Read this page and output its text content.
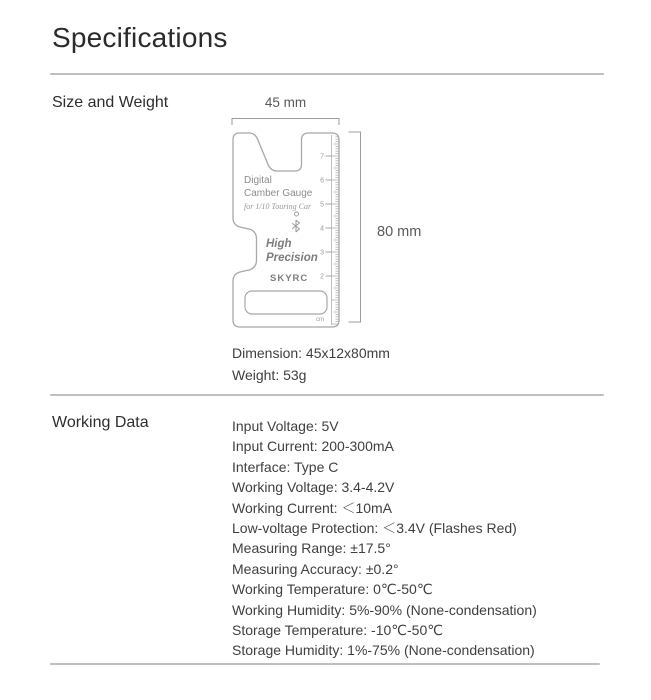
Specifications
Size and Weight	45 mm
7
6
5
4
3
2
cm
Digital
Camber Gauge
for 1/10 Touring Car
High
Precision
SKYRC
80 mm
Dimension: 45x12x80mm
Weight: 53g
Working Data	Input Voltage: 5V
Input Current: 200-300mA
Interface: Type C
Working Voltage: 3.4-4.2V
Working Current: ＜10mA
Low-voltage Protection: ＜3.4V (Flashes Red)
Measuring Range: ±17.5°
Measuring Accuracy: ±0.2°
Working Temperature: 0℃-50℃
Working Humidity: 5%-90% (None-condensation)
Storage Temperature: -10℃-50℃
Storage Humidity: 1%-75% (None-condensation)
